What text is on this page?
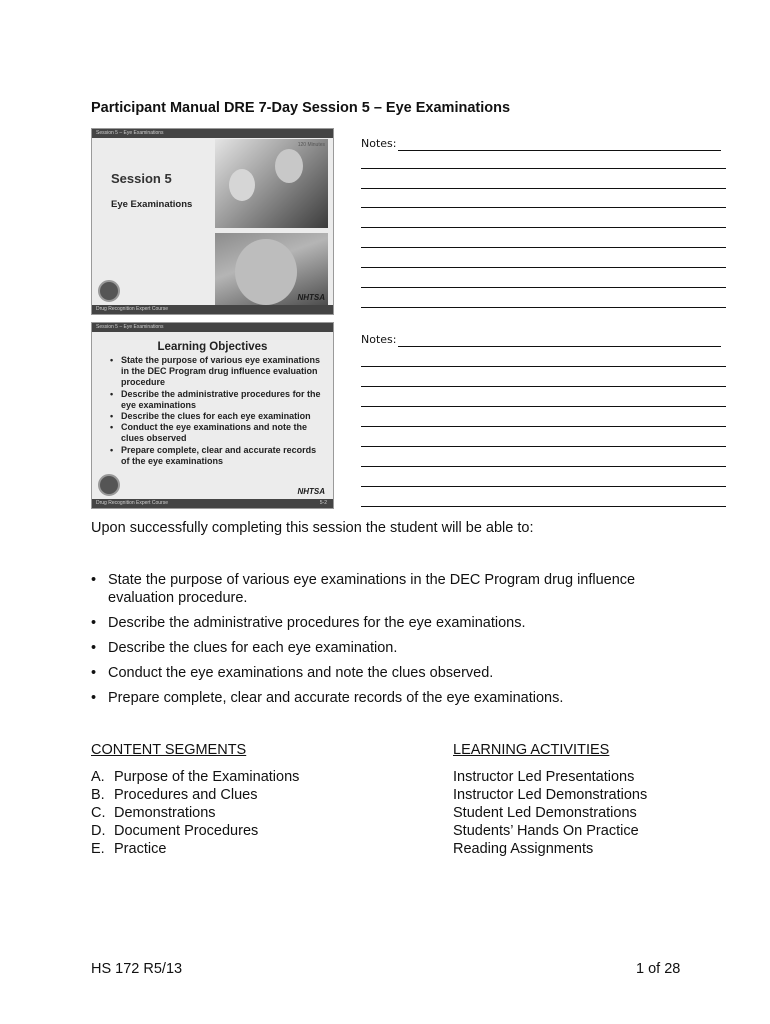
Participant Manual DRE 7-Day Session 5 – Eye Examinations
Session 5 – Eye Examinations
120 Minutes
Session 5
Eye Examinations
NHTSA
Drug Recognition Expert Course
Session 5 – Eye Examinations
Learning Objectives
• State the purpose of various eye examinations in the DEC Program drug influence evaluation procedure
• Describe the administrative procedures for the eye examinations
• Describe the clues for each eye examination
• Conduct the eye examinations and note the clues observed
• Prepare complete, clear and accurate records of the eye examinations
NHTSA
Drug Recognition Expert Course	5-2
Notes:
Notes:
Upon successfully completing this session the student will be able to:
• State the purpose of various eye examinations in the DEC Program drug influence evaluation procedure.
• Describe the administrative procedures for the eye examinations.
• Describe the clues for each eye examination.
• Conduct the eye examinations and note the clues observed.
• Prepare complete, clear and accurate records of the eye examinations.
CONTENT SEGMENTS
A. Purpose of the Examinations
B. Procedures and Clues
C. Demonstrations
D. Document Procedures
E. Practice
LEARNING ACTIVITIES
Instructor Led Presentations
Instructor Led Demonstrations
Student Led Demonstrations
Students’ Hands On Practice
Reading Assignments
HS 172 R5/13	1 of 28
